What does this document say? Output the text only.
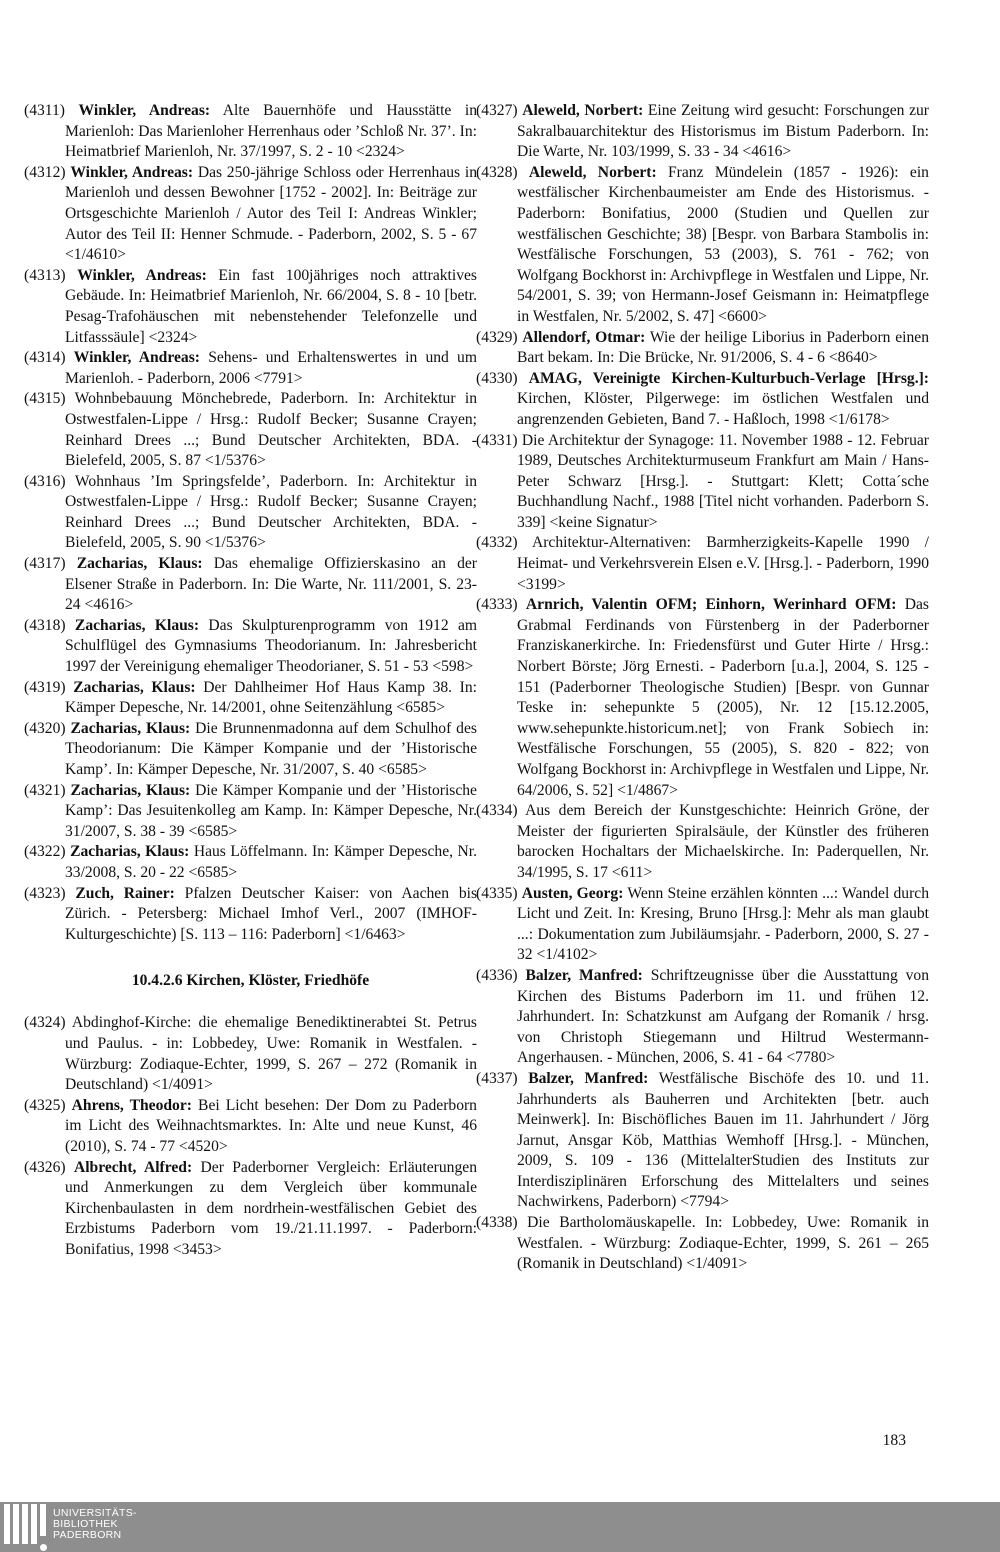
(4311) Winkler, Andreas: Alte Bauernhöfe und Hausstätte in Marienloh: Das Marienloher Herrenhaus oder ’Schloß Nr. 37’. In: Heimatbrief Marienloh, Nr. 37/1997, S. 2 - 10 <2324>
(4312) Winkler, Andreas: Das 250-jährige Schloss oder Herrenhaus in Marienloh und dessen Bewohner [1752 - 2002]. In: Beiträge zur Ortsgeschichte Marienloh / Autor des Teil I: Andreas Winkler; Autor des Teil II: Henner Schmude. - Paderborn, 2002, S. 5 - 67 <1/4610>
(4313) Winkler, Andreas: Ein fast 100jähriges noch attraktives Gebäude. In: Heimatbrief Marienloh, Nr. 66/2004, S. 8 - 10 [betr. Pesag-Trafohäuschen mit nebenstehender Telefonzelle und Litfasssäule] <2324>
(4314) Winkler, Andreas: Sehens- und Erhaltenswertes in und um Marienloh. - Paderborn, 2006 <7791>
(4315) Wohnbebauung Mönchebrede, Paderborn. In: Architektur in Ostwestfalen-Lippe / Hrsg.: Rudolf Becker; Susanne Crayen; Reinhard Drees ...; Bund Deutscher Architekten, BDA. - Bielefeld, 2005, S. 87 <1/5376>
(4316) Wohnhaus ’Im Springsfelde’, Paderborn. In: Architektur in Ostwestfalen-Lippe / Hrsg.: Rudolf Becker; Susanne Crayen; Reinhard Drees ...; Bund Deutscher Architekten, BDA. - Bielefeld, 2005, S. 90 <1/5376>
(4317) Zacharias, Klaus: Das ehemalige Offizierskasino an der Elsener Straße in Paderborn. In: Die Warte, Nr. 111/2001, S. 23-24 <4616>
(4318) Zacharias, Klaus: Das Skulpturenprogramm von 1912 am Schulflügel des Gymnasiums Theodorianum. In: Jahresbericht 1997 der Vereinigung ehemaliger Theodorianer, S. 51 - 53 <598>
(4319) Zacharias, Klaus: Der Dahlheimer Hof Haus Kamp 38. In: Kämper Depesche, Nr. 14/2001, ohne Seitenzählung <6585>
(4320) Zacharias, Klaus: Die Brunnenmadonna auf dem Schulhof des Theodorianum: Die Kämper Kompanie und der ’Historische Kamp’. In: Kämper Depesche, Nr. 31/2007, S. 40 <6585>
(4321) Zacharias, Klaus: Die Kämper Kompanie und der ’Historische Kamp’: Das Jesuitenkolleg am Kamp. In: Kämper Depesche, Nr. 31/2007, S. 38 - 39 <6585>
(4322) Zacharias, Klaus: Haus Löffelmann. In: Kämper Depesche, Nr. 33/2008, S. 20 - 22 <6585>
(4323) Zuch, Rainer: Pfalzen Deutscher Kaiser: von Aachen bis Zürich. - Petersberg: Michael Imhof Verl., 2007 (IMHOF-Kulturgeschichte) [S. 113 – 116: Paderborn] <1/6463>
10.4.2.6 Kirchen, Klöster, Friedhöfe
(4324) Abdinghof-Kirche: die ehemalige Benediktinerabtei St. Petrus und Paulus. - in: Lobbedey, Uwe: Romanik in Westfalen. - Würzburg: Zodiaque-Echter, 1999, S. 267 – 272 (Romanik in Deutschland) <1/4091>
(4325) Ahrens, Theodor: Bei Licht besehen: Der Dom zu Paderborn im Licht des Weihnachtsmarktes. In: Alte und neue Kunst, 46 (2010), S. 74 - 77 <4520>
(4326) Albrecht, Alfred: Der Paderborner Vergleich: Erläuterungen und Anmerkungen zu dem Vergleich über kommunale Kirchenbaulasten in dem nordrhein-westfälischen Gebiet des Erzbistums Paderborn vom 19./21.11.1997. - Paderborn: Bonifatius, 1998 <3453>
(4327) Aleweld, Norbert: Eine Zeitung wird gesucht: Forschungen zur Sakralbauarchitektur des Historismus im Bistum Paderborn. In: Die Warte, Nr. 103/1999, S. 33 - 34 <4616>
(4328) Aleweld, Norbert: Franz Mündelein (1857 - 1926): ein westfälischer Kirchenbaumeister am Ende des Historismus. - Paderborn: Bonifatius, 2000 (Studien und Quellen zur westfälischen Geschichte; 38) [Bespr. von Barbara Stambolis in: Westfälische Forschungen, 53 (2003), S. 761 - 762; von Wolfgang Bockhorst in: Archivpflege in Westfalen und Lippe, Nr. 54/2001, S. 39; von Hermann-Josef Geismann in: Heimatpflege in Westfalen, Nr. 5/2002, S. 47] <6600>
(4329) Allendorf, Otmar: Wie der heilige Liborius in Paderborn einen Bart bekam. In: Die Brücke, Nr. 91/2006, S. 4 - 6 <8640>
(4330) AMAG, Vereinigte Kirchen-Kulturbuch-Verlage [Hrsg.]: Kirchen, Klöster, Pilgerwege: im östlichen Westfalen und angrenzenden Gebieten, Band 7. - Haßloch, 1998 <1/6178>
(4331) Die Architektur der Synagoge: 11. November 1988 - 12. Februar 1989, Deutsches Architekturmuseum Frankfurt am Main / Hans-Peter Schwarz [Hrsg.]. - Stuttgart: Klett; Cotta´sche Buchhandlung Nachf., 1988 [Titel nicht vorhanden. Paderborn S. 339] <keine Signatur>
(4332) Architektur-Alternativen: Barmherzigkeits-Kapelle 1990 / Heimat- und Verkehrsverein Elsen e.V. [Hrsg.]. - Paderborn, 1990 <3199>
(4333) Arnrich, Valentin OFM; Einhorn, Werinhard OFM: Das Grabmal Ferdinands von Fürstenberg in der Paderborner Franziskanerkirche. In: Friedensfürst und Guter Hirte / Hrsg.: Norbert Börste; Jörg Ernesti. - Paderborn [u.a.], 2004, S. 125 - 151 (Paderborner Theologische Studien) [Bespr. von Gunnar Teske in: sehepunkte 5 (2005), Nr. 12 [15.12.2005, www.sehepunkte.historicum.net]; von Frank Sobiech in: Westfälische Forschungen, 55 (2005), S. 820 - 822; von Wolfgang Bockhorst in: Archivpflege in Westfalen und Lippe, Nr. 64/2006, S. 52] <1/4867>
(4334) Aus dem Bereich der Kunstgeschichte: Heinrich Gröne, der Meister der figurierten Spiralsäule, der Künstler des früheren barocken Hochaltars der Michaelskirche. In: Paderquellen, Nr. 34/1995, S. 17 <611>
(4335) Austen, Georg: Wenn Steine erzählen könnten ...: Wandel durch Licht und Zeit. In: Kresing, Bruno [Hrsg.]: Mehr als man glaubt ...: Dokumentation zum Jubiläumsjahr. - Paderborn, 2000, S. 27 - 32 <1/4102>
(4336) Balzer, Manfred: Schriftzeugnisse über die Ausstattung von Kirchen des Bistums Paderborn im 11. und frühen 12. Jahrhundert. In: Schatzkunst am Aufgang der Romanik / hrsg. von Christoph Stiegemann und Hiltrud Westermann-Angerhausen. - München, 2006, S. 41 - 64 <7780>
(4337) Balzer, Manfred: Westfälische Bischöfe des 10. und 11. Jahrhunderts als Bauherren und Architekten [betr. auch Meinwerk]. In: Bischöfliches Bauen im 11. Jahrhundert / Jörg Jarnut, Ansgar Köb, Matthias Wemhoff [Hrsg.]. - München, 2009, S. 109 - 136 (MittelalterStudien des Instituts zur Interdisziplinären Erforschung des Mittelalters und seines Nachwirkens, Paderborn) <7794>
(4338) Die Bartholomäuskapelle. In: Lobbedey, Uwe: Romanik in Westfalen. - Würzburg: Zodiaque-Echter, 1999, S. 261 – 265 (Romanik in Deutschland) <1/4091>
183
UNIVERSITÄTS-
BIBLIOTHEK
PADERBORN
